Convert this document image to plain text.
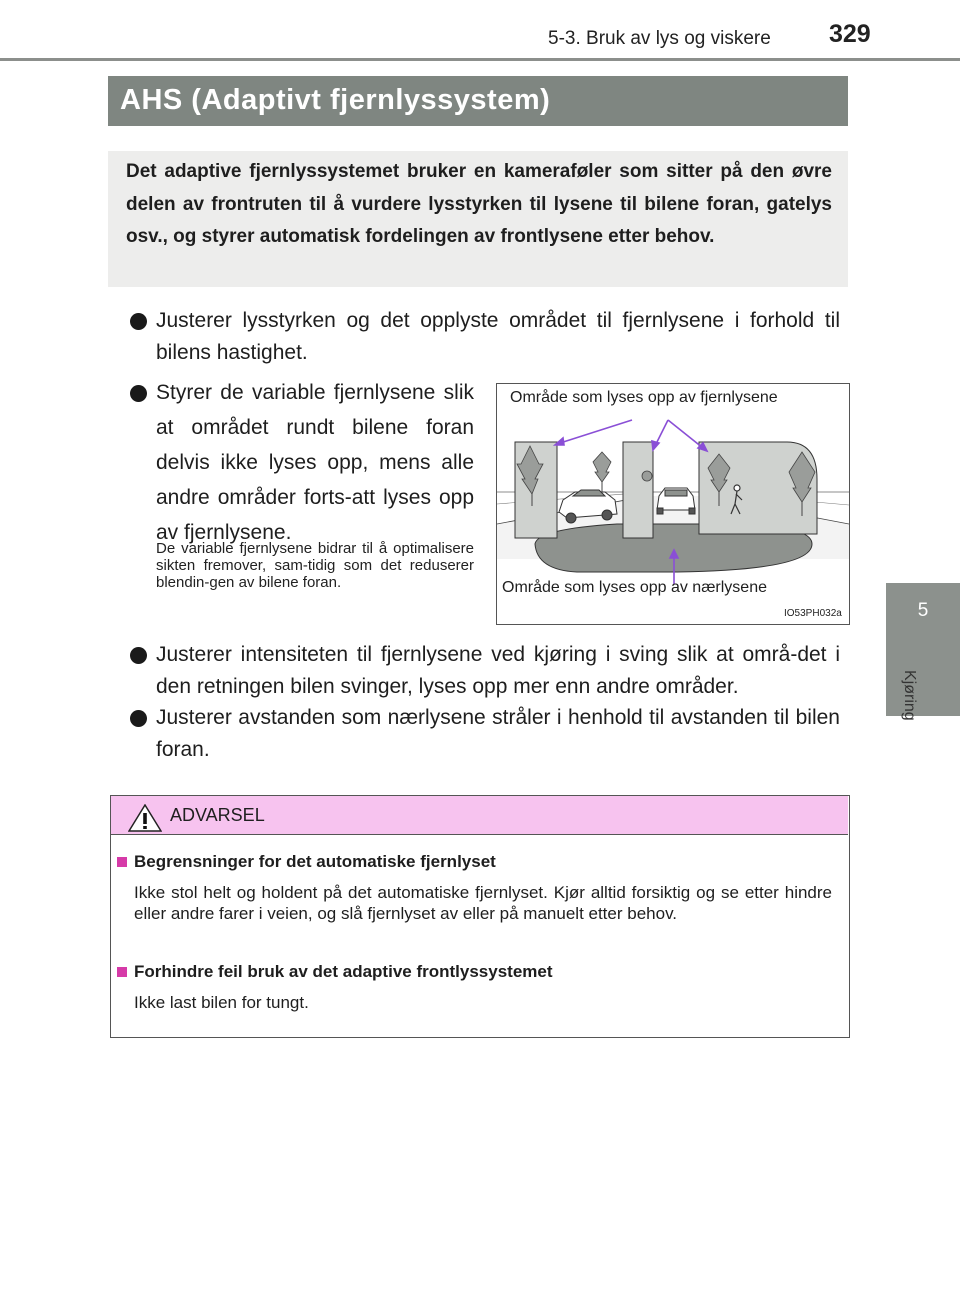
5-3. Bruk av lys og viskere 329
5
Kjøring
AHS (Adaptivt fjernlyssystem)
Det adaptive fjernlyssystemet bruker en kameraføler som sitter på den øvre delen av frontruten til å vurdere lysstyrken til lysene til bilene foran, gatelys osv., og styrer automatisk fordelingen av frontlysene etter behov.
Justerer lysstyrken og det opplyste området til fjernlysene i forhold til bilens hastighet.
Styrer de variable fjernlysene slik at området rundt bilene foran delvis ikke lyses opp, mens alle andre områder forts-att lyses opp av fjernlysene.
De variable fjernlysene bidrar til å optimalisere sikten fremover, sam-tidig som det reduserer blendin-gen av bilene foran.
Område som lyses opp av fjernlysene
Område som lyses opp av nærlysene
IO53PH032a
Justerer intensiteten til fjernlysene ved kjøring i sving slik at områ-det i den retningen bilen svinger, lyses opp mer enn andre områder.
Justerer avstanden som nærlysene stråler i henhold til avstanden til bilen foran.
ADVARSEL
Begrensninger for det automatiske fjernlyset
Ikke stol helt og holdent på det automatiske fjernlyset. Kjør alltid forsiktig og se etter hindre eller andre farer i veien, og slå fjernlyset av eller på manuelt etter behov.
Forhindre feil bruk av det adaptive frontlyssystemet
Ikke last bilen for tungt.
